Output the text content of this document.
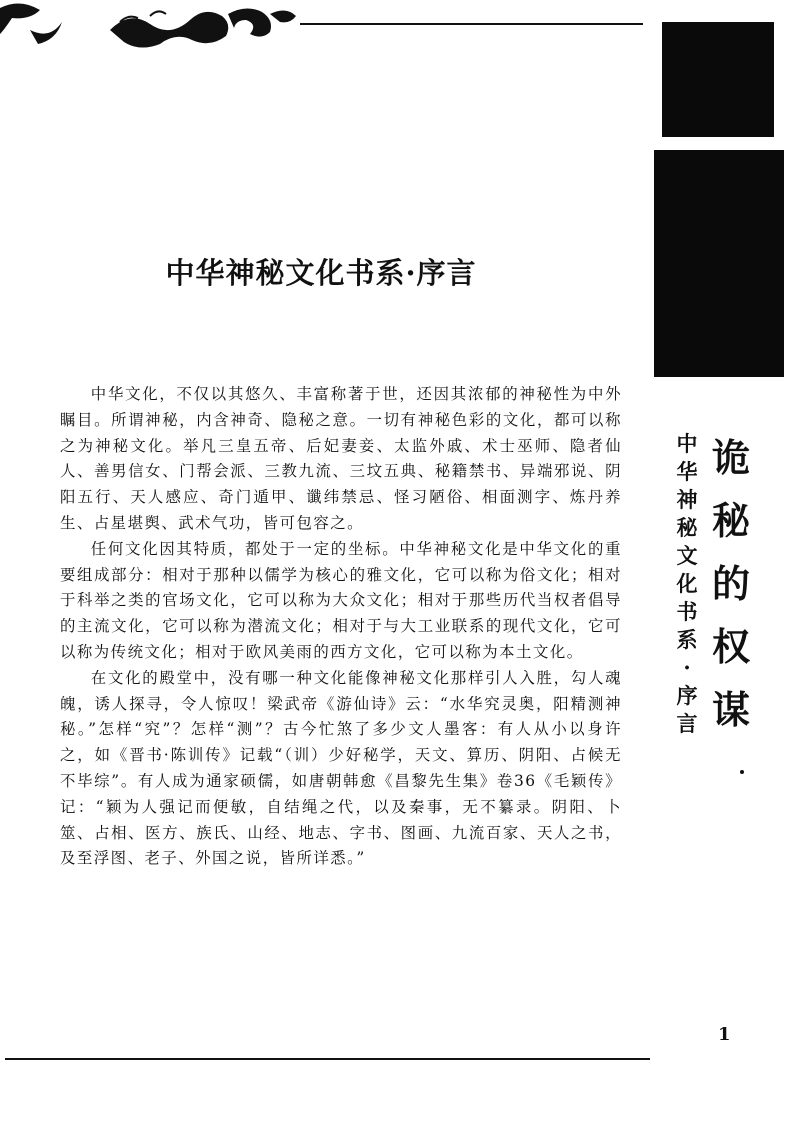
中
华
神
秘
文
化
书
系
·
序
言
诡
秘
的
权
谋
中华神秘文化书系·序言

中华文化，不仅以其悠久、丰富称著于世，还因其浓郁的神秘性为中外瞩目。所谓神秘，内含神奇、隐秘之意。一切有神秘色彩的文化，都可以称之为神秘文化。举凡三皇五帝、后妃妻妾、太监外戚、术士巫师、隐者仙人、善男信女、门帮会派、三教九流、三坟五典、秘籍禁书、异端邪说、阴阳五行、天人感应、奇门遁甲、谶纬禁忌、怪习陋俗、相面测字、炼丹养生、占星堪舆、武术气功，皆可包容之。

任何文化因其特质，都处于一定的坐标。中华神秘文化是中华文化的重要组成部分：相对于那种以儒学为核心的雅文化，它可以称为俗文化；相对于科举之类的官场文化，它可以称为大众文化；相对于那些历代当权者倡导的主流文化，它可以称为潜流文化；相对于与大工业联系的现代文化，它可以称为传统文化；相对于欧风美雨的西方文化，它可以称为本土文化。

在文化的殿堂中，没有哪一种文化能像神秘文化那样引人入胜，勾人魂魄，诱人探寻，令人惊叹！梁武帝《游仙诗》云：“水华究灵奥，阳精测神秘。”怎样“究”？怎样“测”？古今忙煞了多少文人墨客：有人从小以身许之，如《晋书·陈训传》记载“（训）少好秘学，天文、算历、阴阳、占候无不毕综”。有人成为通家硕儒，如唐朝韩愈《昌黎先生集》卷36《毛颖传》记：“颖为人强记而便敏，自结绳之代，以及秦事，无不纂录。阴阳、卜筮、占相、医方、族氏、山经、地志、字书、图画、九流百家、天人之书，及至浮图、老子、外国之说，皆所详悉。”

1
